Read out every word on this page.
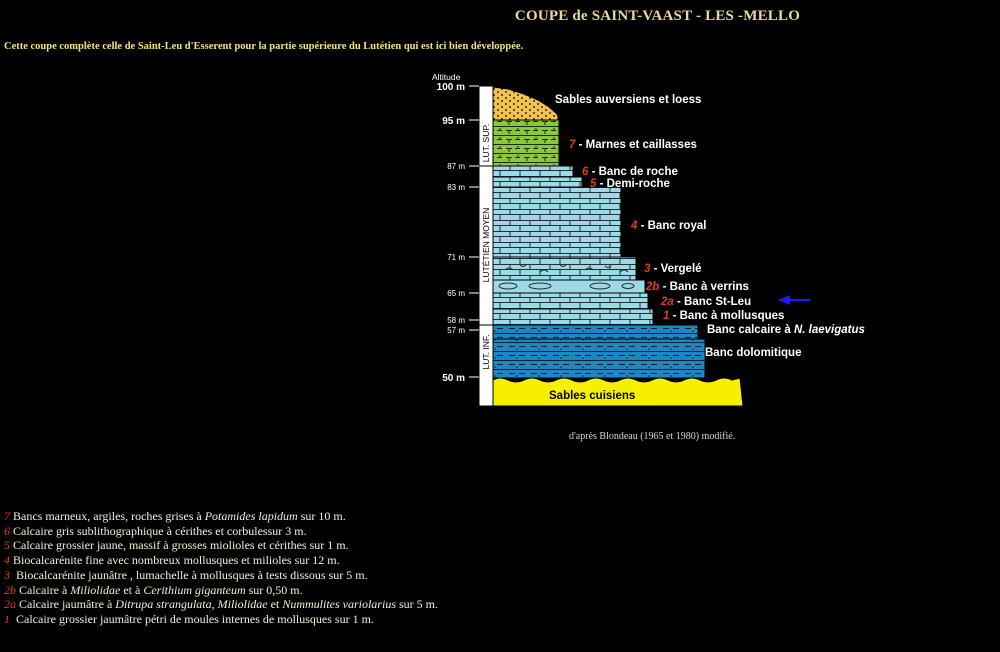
COUPE de SAINT-VAAST - LES -MELLO
Cette coupe complète celle de Saint-Leu d'Esserent pour la partie supérieure du Lutétien qui est ici bien développée.
Altitude
100 m
95 m
87 m
83 m
71 m
65 m
58 m
57 m
50 m
LUT. SUP.
LUTÉTIEN MOYEN
LUT. INF.
Sables auversiens et loess
7 - Marnes et caillasses
6 - Banc de roche
5 - Demi-roche
4 - Banc royal
3 - Vergelé
2b - Banc à verrins
2a - Banc St-Leu
1 - Banc à mollusques
Banc calcaire à N. laevigatus
Banc dolomitique
Sables cuisiens
d'après Blondeau (1965 et 1980) modifié.
7 Bancs marneux, argiles, roches grises à Potamides lapidum sur 10 m.
6 Calcaire gris sublithographique à cérithes et corbulessur 3 m.
5 Calcaire grossier jaune, massif à grosses miolioles et cérithes sur 1 m.
4 Biocalcarénite fine avec nombreux mollusques et milioles sur 12 m.
3 Biocalcarénite jaunâtre , lumachelle à mollusques à tests dissous sur 5 m.
2b Calcaire à Miliolidae et à Cerithium giganteum sur 0,50 m.
2a Calcaire jaumâtre à Ditrupa strangulata, Miliolidae et Nummulites variolarius sur 5 m.
1 Calcaire grossier jaumâtre pétri de moules internes de mollusques sur 1 m.
